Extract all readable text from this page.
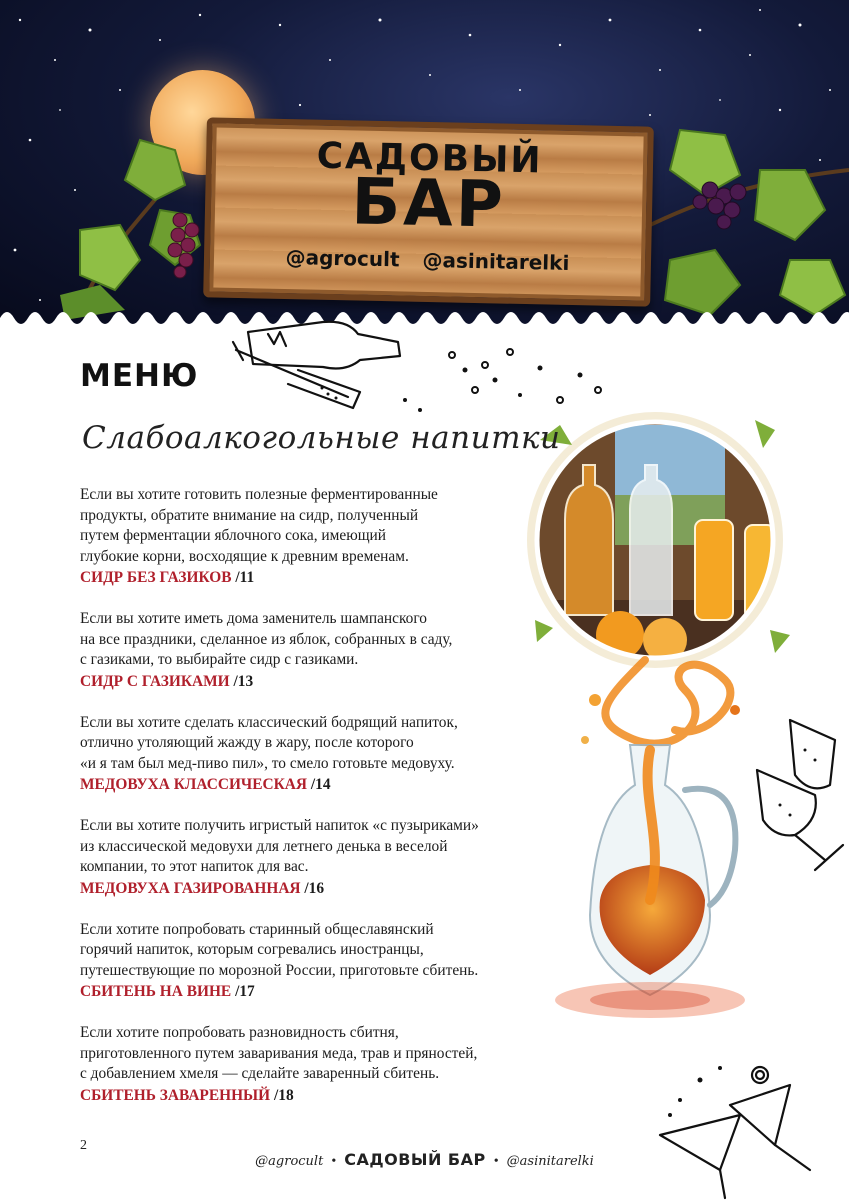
САДОВЫЙ
БАР
@agrocult @asinitarelki
МЕНЮ
Слабоалкогольные напитки

Если вы хотите готовить полезные ферментированные
продукты, обратите внимание на сидр, полученный
путем ферментации яблочного сока, имеющий
глубокие корни, восходящие к древним временам.

СИДР БЕЗ ГАЗИКОВ /11

Если вы хотите иметь дома заменитель шампанского
на все праздники, сделанное из яблок, собранных в саду,
с газиками, то выбирайте сидр с газиками.

СИДР С ГАЗИКАМИ /13

Если вы хотите сделать классический бодрящий напиток,
отлично утоляющий жажду в жару, после которого
«и я там был мед-пиво пил», то смело готовьте медовуху.

МЕДОВУХА КЛАССИЧЕСКАЯ /14

Если вы хотите получить игристый напиток «с пузыриками»
из классической медовухи для летнего денька в веселой
компании, то этот напиток для вас.

МЕДОВУХА ГАЗИРОВАННАЯ /16

Если хотите попробовать старинный общеславянский
горячий напиток, которым согревались иностранцы,
путешествующие по морозной России, приготовьте сбитень.

СБИТЕНЬ НА ВИНЕ /17

Если хотите попробовать разновидность сбитня,
приготовленного путем заваривания меда, трав и пряностей,
с добавлением хмеля — сделайте заваренный сбитень.

СБИТЕНЬ ЗАВАРЕННЫЙ /18
2
@agrocult • САДОВЫЙ БАР • @asinitarelki
